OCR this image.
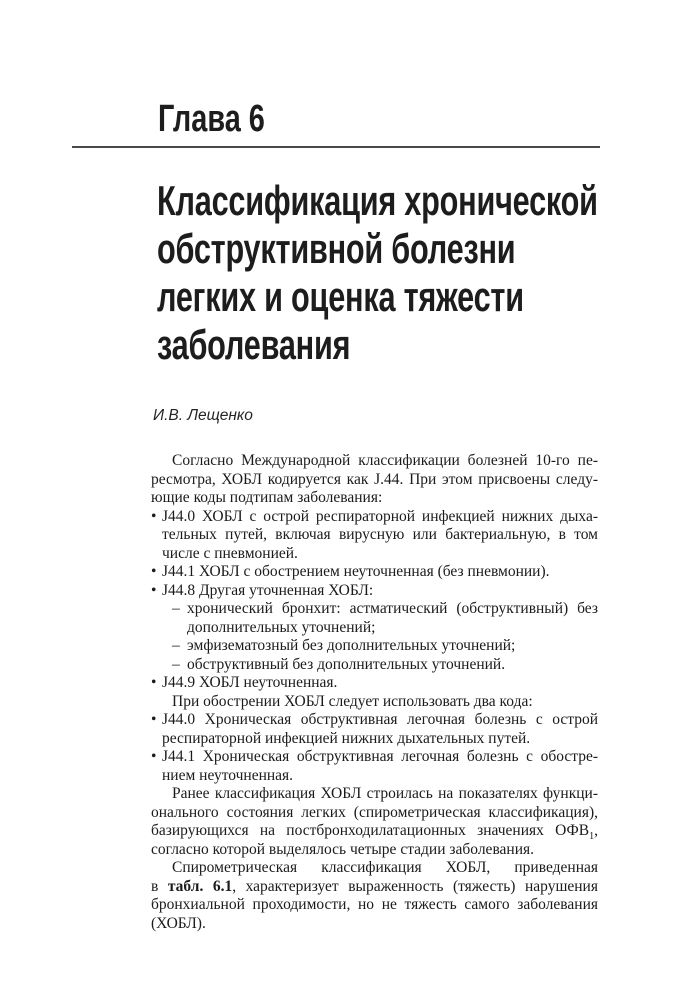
Глава 6
Классификация хронической
обструктивной болезни
легких и оценка тяжести
заболевания
И.В. Лещенко
Согласно Международной классификации болезней 10-го пе-
ресмотра, ХОБЛ кодируется как J.44. При этом присвоены следу-
ющие коды подтипам заболевания:
• J44.0 ХОБЛ с острой респираторной инфекцией нижних дыха-
тельных путей, включая вирусную или бактериальную, в том
числе с пневмонией.
• J44.1 ХОБЛ с обострением неуточненная (без пневмонии).
• J44.8 Другая уточненная ХОБЛ:
– хронический бронхит: астматический (обструктивный) без
дополнительных уточнений;
– эмфизематозный без дополнительных уточнений;
– обструктивный без дополнительных уточнений.
• J44.9 ХОБЛ неуточненная.
При обострении ХОБЛ следует использовать два кода:
• J44.0 Хроническая обструктивная легочная болезнь с острой
респираторной инфекцией нижних дыхательных путей.
• J44.1 Хроническая обструктивная легочная болезнь с обостре-
нием неуточненная.
Ранее классификация ХОБЛ строилась на показателях функци-
онального состояния легких (спирометрическая классификация),
базирующихся на постбронходилатационных значениях $ОФВ_1$,
согласно которой выделялось четыре стадии заболевания.
Спирометрическая классификация ХОБЛ, приведенная
в табл. 6.1, характеризует выраженность (тяжесть) нарушения
бронхиальной проходимости, но не тяжесть самого заболевания
(ХОБЛ).
